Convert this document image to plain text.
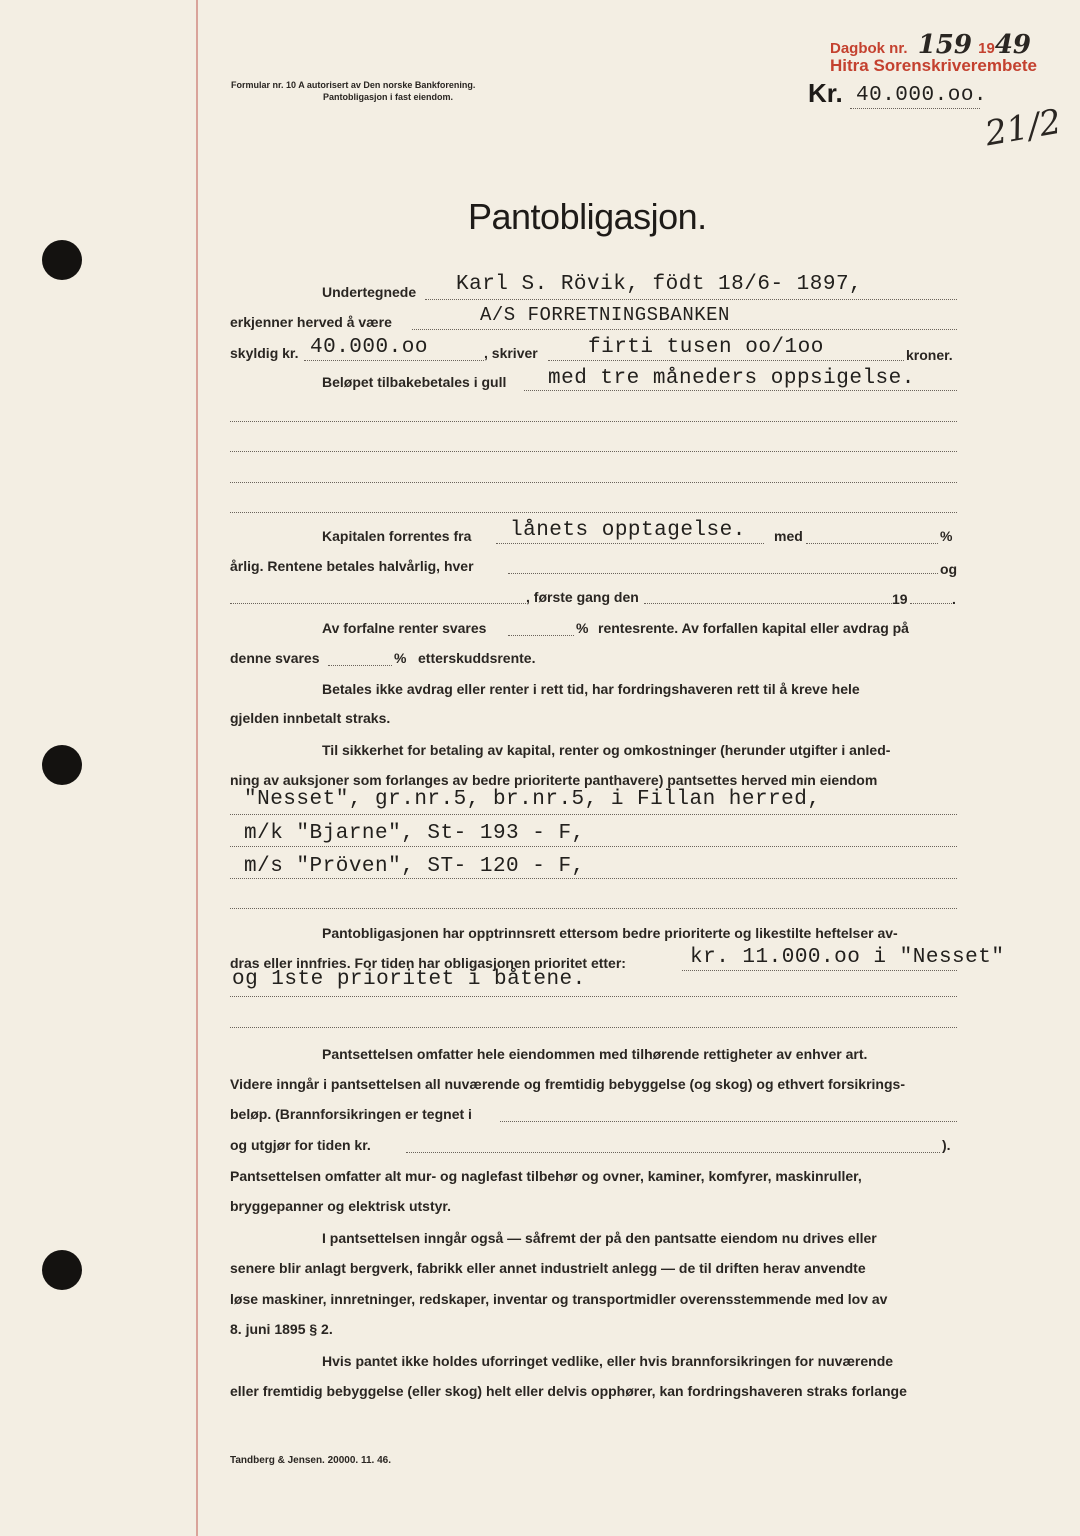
Formular nr. 10 A autorisert av Den norske Bankforening.
Pantobligasjon i fast eiendom.
Dagbok nr. 159 1949
Hitra Sorenskriverembete
Kr. 40.000.oo.
21/2
Pantobligasjon.
Undertegnede Karl S. Rövik, födt 18/6- 1897,
erkjenner herved å være	A/S FORRETNINGSBANKEN
skyldig kr. 40.000.oo	, skriver firti tusen oo/1oo	kroner.
Beløpet tilbakebetales i gull med tre måneders oppsigelse.
Kapitalen forrentes fra lånets opptagelse. med	%
årlig. Rentene betales halvårlig, hver	og
, første gang den	19	.
Av forfalne renter svares	% rentesrente. Av forfallen kapital eller avdrag på
denne svares	% etterskuddsrente.

Betales ikke avdrag eller renter i rett tid, har fordringshaveren rett til å kreve hele

gjelden innbetalt straks.

Til sikkerhet for betaling av kapital, renter og omkostninger (herunder utgifter i anled-

ning av auksjoner som forlanges av bedre prioriterte panthavere) pantsettes herved min eiendom

"Nesset", gr.nr.5, br.nr.5, i Fillan herred,
m/k "Bjarne", St- 193 - F,
m/s "Pröven", ST- 120 - F,

Pantobligasjonen har opptrinnsrett ettersom bedre prioriterte og likestilte heftelser av-

dras eller innfries. For tiden har obligasjonen prioritet etter:	kr. 11.000.oo i "Nesset"
og 1ste prioritet i båtene.

Pantsettelsen omfatter hele eiendommen med tilhørende rettigheter av enhver art.

Videre inngår i pantsettelsen all nuværende og fremtidig bebyggelse (og skog) og ethvert forsikrings-

beløp. (Brannforsikringen er tegnet i

og utgjør for tiden kr.	).

Pantsettelsen omfatter alt mur- og naglefast tilbehør og ovner, kaminer, komfyrer, maskinruller,

bryggepanner og elektrisk utstyr.

I pantsettelsen inngår også — såfremt der på den pantsatte eiendom nu drives eller

senere blir anlagt bergverk, fabrikk eller annet industrielt anlegg — de til driften herav anvendte

løse maskiner, innretninger, redskaper, inventar og transportmidler overensstemmende med lov av

8. juni 1895 § 2.

Hvis pantet ikke holdes uforringet vedlike, eller hvis brannforsikringen for nuværende

eller fremtidig bebyggelse (eller skog) helt eller delvis opphører, kan fordringshaveren straks forlange

Tandberg & Jensen. 20000. 11. 46.
